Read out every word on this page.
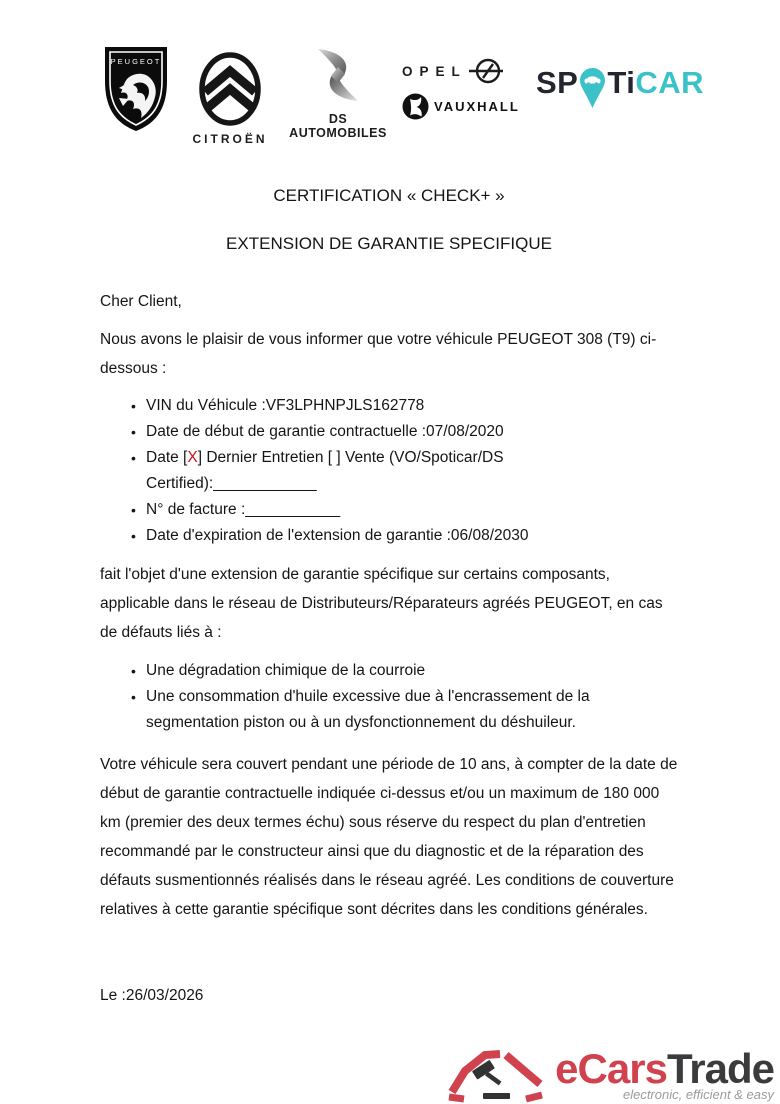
PEUGEOT
CITROËN
DS AUTOMOBILES
OPEL
VAUXHALL
SP Ti CAR
CERTIFICATION « CHECK+ »
EXTENSION DE GARANTIE SPECIFIQUE

Cher Client,

Nous avons le plaisir de vous informer que votre véhicule PEUGEOT 308 (T9) ci-dessous :

• VIN du Véhicule :VF3LPHNPJLS162778
• Date de début de garantie contractuelle :07/08/2020
• Date [X] Dernier Entretien [ ] Vente (VO/Spoticar/DS Certified):____________
• N° de facture :___________
• Date d'expiration de l'extension de garantie :06/08/2030

fait l'objet d'une extension de garantie spécifique sur certains composants, applicable dans le réseau de Distributeurs/Réparateurs agréés PEUGEOT, en cas de défauts liés à :

• Une dégradation chimique de la courroie
• Une consommation d'huile excessive due à l'encrassement de la segmentation piston ou à un dysfonctionnement du déshuileur.

Votre véhicule sera couvert pendant une période de 10 ans, à compter de la date de début de garantie contractuelle indiquée ci-dessus et/ou un maximum de 180 000 km (premier des deux termes échu) sous réserve du respect du plan d'entretien recommandé par le constructeur ainsi que du diagnostic et de la réparation des défauts susmentionnés réalisés dans le réseau agréé. Les conditions de couverture relatives à cette garantie spécifique sont décrites dans les conditions générales.

Le :26/03/2026

eCarsTrade
electronic, efficient & easy
